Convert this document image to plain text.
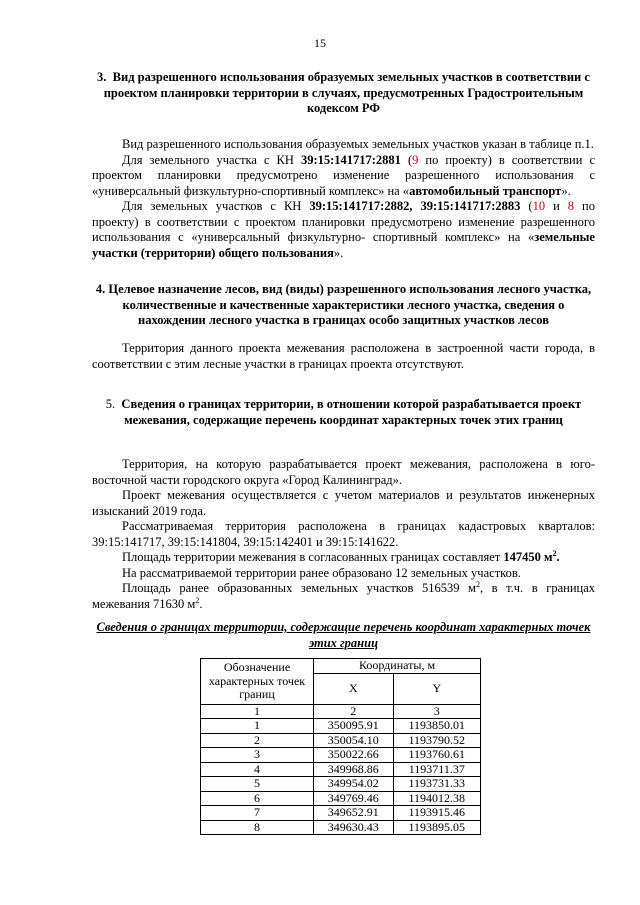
15
3. Вид разрешенного использования образуемых земельных участков в соответствии с проектом планировки территории в случаях, предусмотренных Градостроительным кодексом РФ

Вид разрешенного использования образуемых земельных участков указан в таблице п.1.

Для земельного участка с КН 39:15:141717:2881 (9 по проекту) в соответствии с проектом планировки предусмотрено изменение разрешенного использования с «универсальный физкультурно-спортивный комплекс» на «автомобильный транспорт».

Для земельных участков с КН 39:15:141717:2882, 39:15:141717:2883 (10 и 8 по проекту) в соответствии с проектом планировки предусмотрено изменение разрешенного использования с «универсальный физкультурно- спортивный комплекс» на «земельные участки (территории) общего пользования».

4. Целевое назначение лесов, вид (виды) разрешенного использования лесного участка, количественные и качественные характеристики лесного участка, сведения о нахождении лесного участка в границах особо защитных участков лесов

Территория данного проекта межевания расположена в застроенной части города, в соответствии с этим лесные участки в границах проекта отсутствуют.

5. Сведения о границах территории, в отношении которой разрабатывается проект межевания, содержащие перечень координат характерных точек этих границ

Территория, на которую разрабатывается проект межевания, расположена в юго-восточной части городского округа «Город Калининград».

Проект межевания осуществляется с учетом материалов и результатов инженерных изысканий 2019 года.

Рассматриваемая территория расположена в границах кадастровых кварталов: 39:15:141717, 39:15:141804, 39:15:142401 и 39:15:141622.

Площадь территории межевания в согласованных границах составляет 147450 $м^2$.

На рассматриваемой территории ранее образовано 12 земельных участков.

Площадь ранее образованных земельных участков 516539 $м^2$, в т.ч. в границах межевания 71630 $м^2$.

Сведения о границах территории, содержащие перечень координат характерных точек этих границ
Обозначение характерных точек границ	Координаты, м	
	X	Y
1	2	3
1	350095.91	1193850.01
2	350054.10	1193790.52
3	350022.66	1193760.61
4	349968.86	1193711.37
5	349954.02	1193731.33
6	349769.46	1194012.38
7	349652.91	1193915.46
8	349630.43	1193895.05
